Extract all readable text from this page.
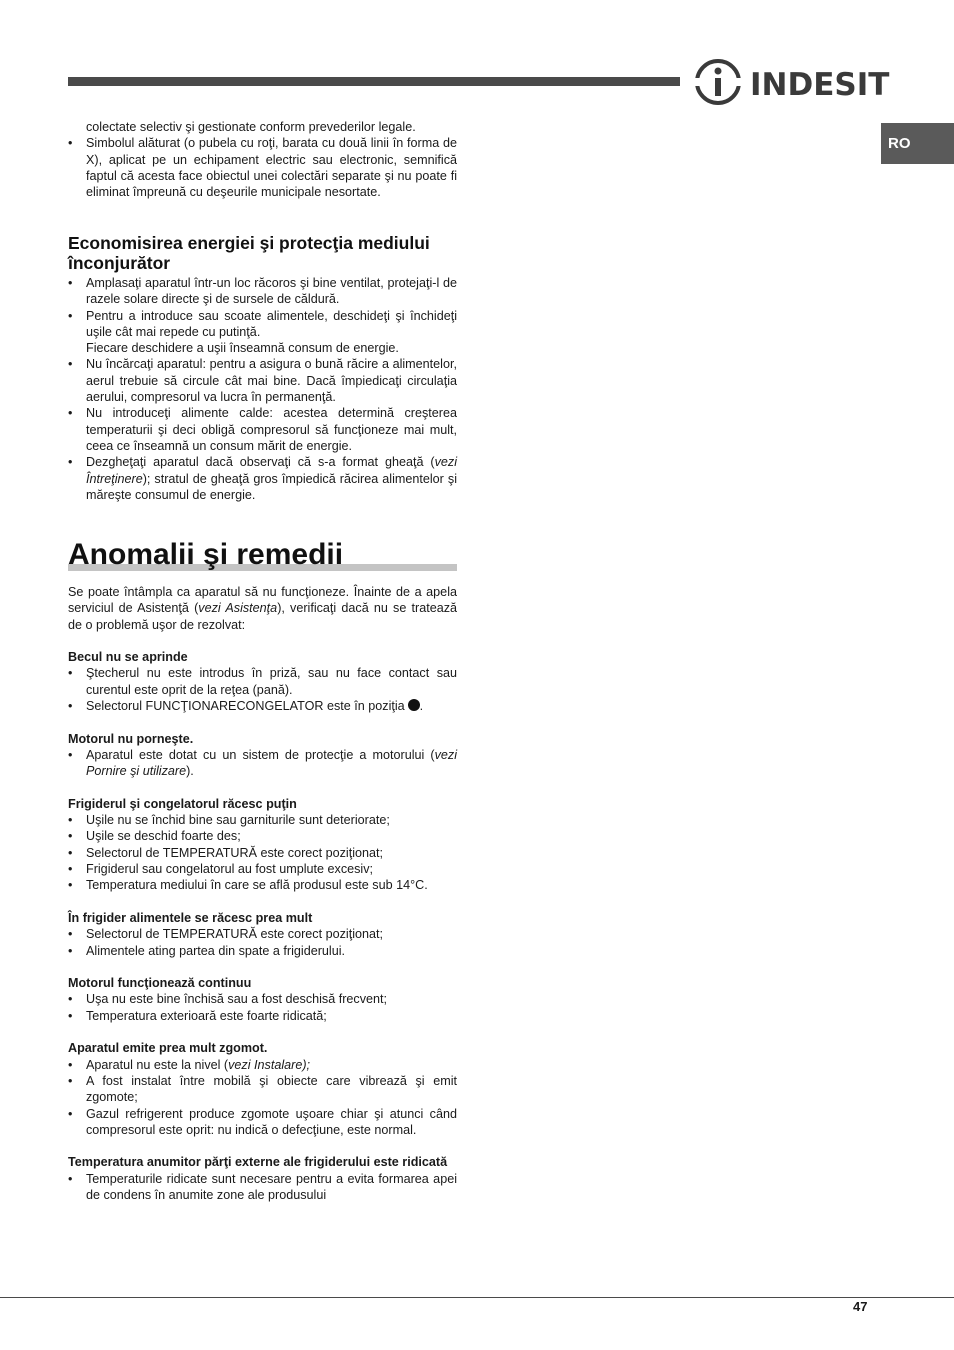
INDESIT
RO

colectate selectiv şi gestionate conform prevederilor legale.

• Simbolul alăturat (o pubela cu roţi, barata cu două linii în forma de X), aplicat pe un echipament electric sau electronic, semnifică faptul că acesta face obiectul unei colectări separate şi nu poate fi eliminat împreună cu deşeurile municipale nesortate.
Economisirea energiei şi protecţia mediului înconjurător
• Amplasaţi aparatul într-un loc răcoros şi bine ventilat, protejaţi-l de razele solare directe şi de sursele de căldură.
• Pentru a introduce sau scoate alimentele, deschideţi şi închideţi uşile cât mai repede cu putinţă.
Fiecare deschidere a uşii înseamnă consum de energie.
• Nu încărcaţi aparatul: pentru a asigura o bună răcire a alimentelor, aerul trebuie să circule cât mai bine. Dacă împiedicaţi circulaţia aerului, compresorul va lucra în permanenţă.
• Nu introduceţi alimente calde: acestea determină creşterea temperaturii şi deci obligă compresorul să funcţioneze mai mult, ceea ce înseamnă un consum mărit de energie.
• Dezgheţaţi aparatul dacă observaţi că s-a format gheaţă (vezi Întreţinere); stratul de gheaţă gros împiedică răcirea alimentelor şi măreşte consumul de energie.
Anomalii şi remedii

Se poate întâmpla ca aparatul să nu funcţioneze. Înainte de a apela serviciul de Asistenţă (vezi Asistenţa), verificaţi dacă nu se tratează de o problemă uşor de rezolvat:

Becul nu se aprinde
• Ştecherul nu este introdus în priză, sau nu face contact sau curentul este oprit de la reţea (pană).
• Selectorul FUNCŢIONARECONGELATOR este în poziţia .
Motorul nu porneşte.
• Aparatul este dotat cu un sistem de protecţie a motorului (vezi Pornire şi utilizare).
Frigiderul şi congelatorul răcesc puţin
• Uşile nu se închid bine sau garniturile sunt deteriorate;
• Uşile se deschid foarte des;
• Selectorul de TEMPERATURĂ este corect poziţionat;
• Frigiderul sau congelatorul au fost umplute excesiv;
• Temperatura mediului în care se află produsul este sub 14°C.
În frigider alimentele se răcesc prea mult
• Selectorul de TEMPERATURĂ este corect poziţionat;
• Alimentele ating partea din spate a frigiderului.
Motorul funcţionează continuu
• Uşa nu este bine închisă sau a fost deschisă frecvent;
• Temperatura exterioară este foarte ridicată;
Aparatul emite prea mult zgomot.
• Aparatul nu este la nivel (vezi Instalare);
• A fost instalat între mobilă şi obiecte care vibrează şi emit zgomote;
• Gazul refrigerent produce zgomote uşoare chiar şi atunci când compresorul este oprit: nu indică o defecţiune, este normal.
Temperatura anumitor părţi externe ale frigiderului este ridicată
• Temperaturile ridicate sunt necesare pentru a evita formarea apei de condens în anumite zone ale produsului
47
